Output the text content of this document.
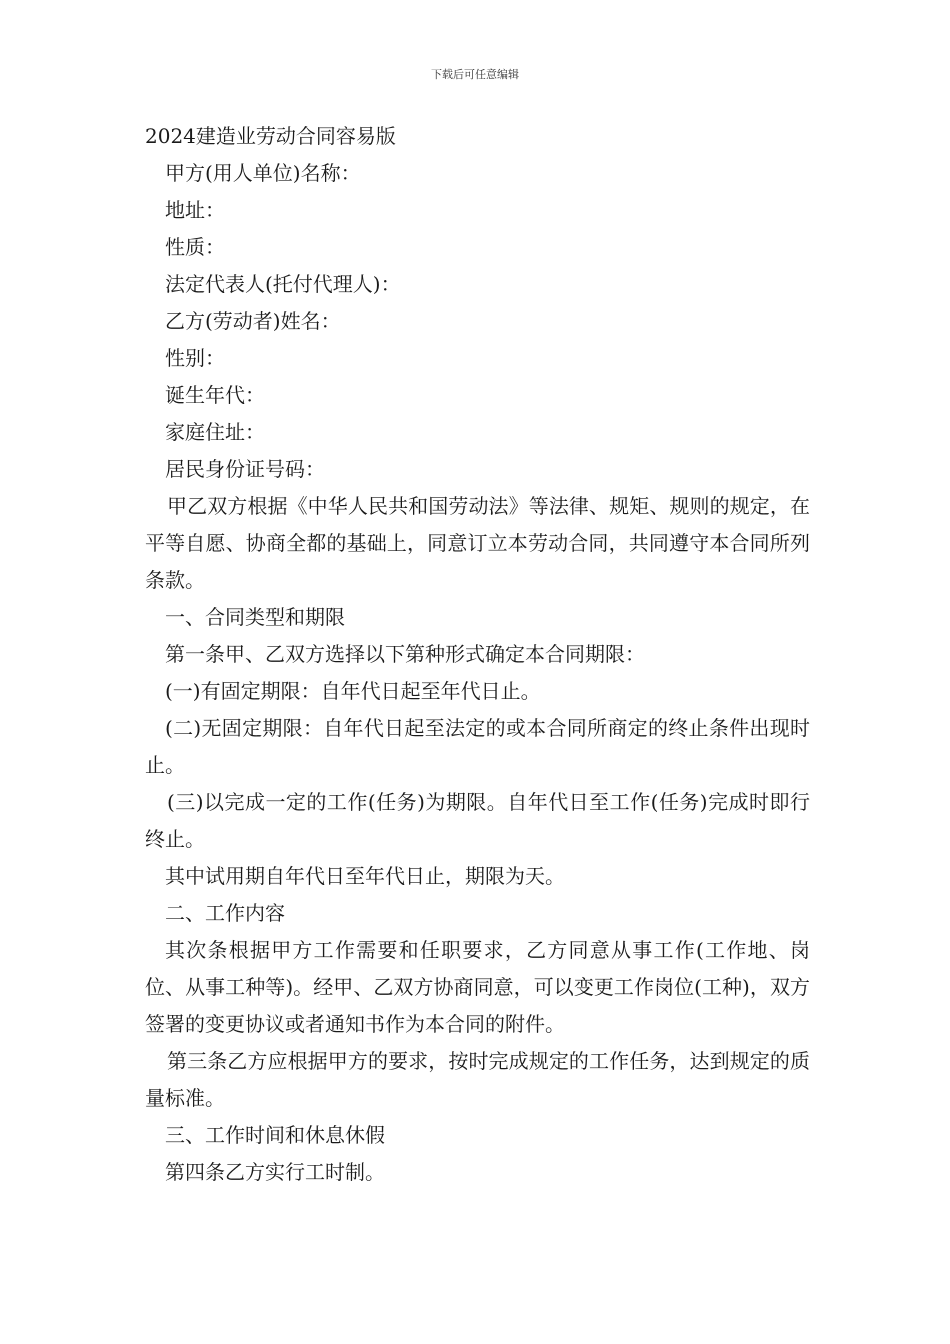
下载后可任意编辑
2024建造业劳动合同容易版

甲方(用人单位)名称：

地址：

性质：

法定代表人(托付代理人)：

乙方(劳动者)姓名：

性别：

诞生年代：

家庭住址：

居民身份证号码：

甲乙双方根据《中华人民共和国劳动法》等法律、规矩、规则的规定，在平等自愿、协商全都的基础上，同意订立本劳动合同，共同遵守本合同所列条款。

一、合同类型和期限

第一条甲、乙双方选择以下第种形式确定本合同期限：

(一)有固定期限：自年代日起至年代日止。

(二)无固定期限：自年代日起至法定的或本合同所商定的终止条件出现时止。

(三)以完成一定的工作(任务)为期限。自年代日至工作(任务)完成时即行终止。

其中试用期自年代日至年代日止，期限为天。

二、工作内容

其次条根据甲方工作需要和任职要求，乙方同意从事工作(工作地、岗位、从事工种等)。经甲、乙双方协商同意，可以变更工作岗位(工种)，双方签署的变更协议或者通知书作为本合同的附件。

第三条乙方应根据甲方的要求，按时完成规定的工作任务，达到规定的质量标准。

三、工作时间和休息休假

第四条乙方实行工时制。
